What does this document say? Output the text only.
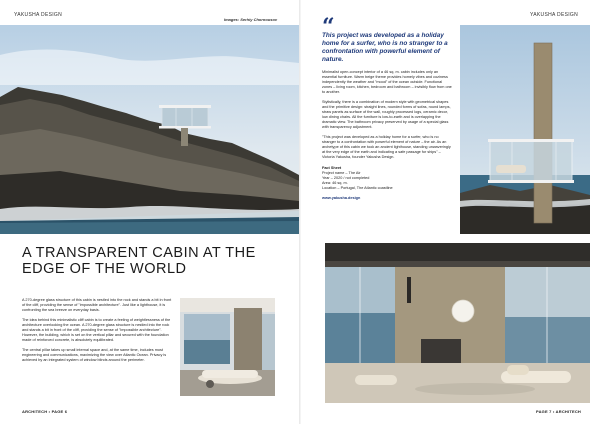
YAKUSHA DESIGN
Images: Serhiy Chornousov
A TRANSPARENT CABIN AT THE
EDGE OF THE WORLD

A 270-degree glass structure of this cabin is nestled into the rock and stands a bit in front of the cliff, providing the sense of "impossible architecture". Just like a lighthouse, it is confronting the sea breeze on everyday basis.

The idea behind this minimalistic cliff cabin is to create a feeling of weightlessness of the architecture overlooking the ocean. A 270-degree glass structure is nestled into the rock and stands a bit in front of the cliff, providing the sense of "impossible architecture". However, the building, which is set on the vertical pillar and secured with the foundation made of reinforced concrete, is absolutely equilibrated.

The central pillar takes up small internal space and, at the same time, includes most engineering and communications, maximizing the view over Atlantic Ocean. Privacy is achieved by an integrated system of window blinds around the perimeter.

ARCHITECH • PAGE 6
YAKUSHA DESIGN
“
This project was developed as a holiday home for a surfer, who is no stranger to a confrontation with powerful element of nature.

Minimalist open-concept interior of a 46 sq. m. cabin includes only an essential furniture. Warm beige theme provides homely vibes and coziness independently the weather and "mood" of the ocean outside. Functional zones – living room, kitchen, bedroom and bathroom – invisibly flow from one to another.

Stylistically, there is a combination of modern style with geometrical shapes and the primitive design: straight lines, rounded forms of sofas, round lamps, straw panels as surface of the wall, roughly processed logs, ceramic decor, low dining chairs. All the furniture is low-to-earth and is overlapping the dramatic view. The bathroom privacy preserved by usage of a special glass with transparency adjustment.

"This project was developed as a holiday home for a surfer, who is no stranger to a confrontation with powerful element of nature – the air. As an archetype of this cabin we took an ancient lighthouse, standing unwaveringly at the very edge of the earth and indicating a safe passage for ships" – Victoria Yakusha, founder Yakusha Design.

Fact Sheet

Project name – The Air
Year – 2020 / not completed
Area: 46 sq. m.
Location – Portugal, The Atlantic coastline
www.yakusha.design
PAGE 7 • ARCHITECH
